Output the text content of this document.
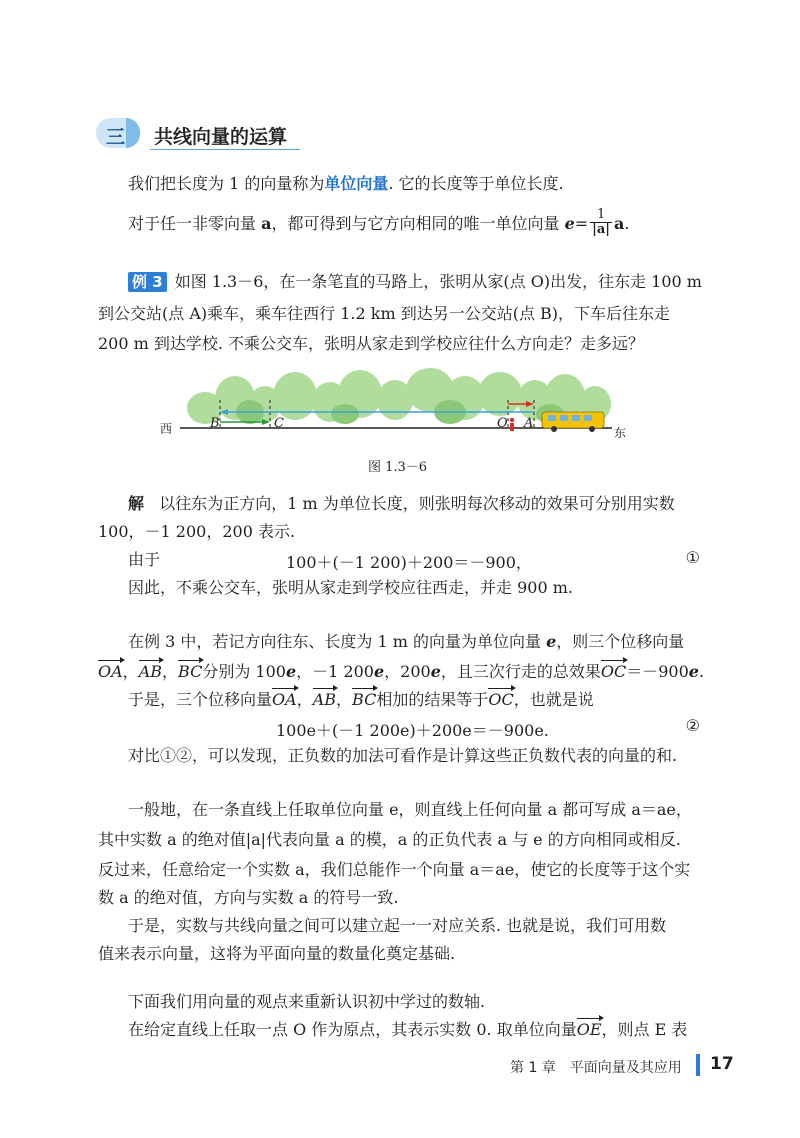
三 共线向量的运算
我们把长度为 1 的向量称为单位向量. 它的长度等于单位长度.
对于任一非零向量 a，都可得到与它方向相同的唯一单位向量 $e= \frac{1}{|a|} a$.
例 3 如图 1.3－6，在一条笔直的马路上，张明从家(点 O)出发，往东走 100 m
到公交站(点 A)乘车，乘车往西行 1.2 km 到达另一公交站(点 B)，下车后往东走
200 m 到达学校. 不乘公交车，张明从家走到学校应往什么方向走？走多远？
西	B	C	O A
东
图 1.3－6
解 以往东为正方向，1 m 为单位长度，则张明每次移动的效果可分别用实数
100，－1 200，200 表示.
由于	100＋(－1 200)＋200＝－900，	①
因此，不乘公交车，张明从家走到学校应往西走，并走 900 m.
在例 3 中，若记方向往东、长度为 1 m 的向量为单位向量 e，则三个位移向量
OA，AB，BC分别为 100e，－1 200e，200e，且三次行走的总效果OC＝－900e.
于是，三个位移向量OA，AB，BC相加的结果等于OC，也就是说
100e＋(－1 200e)＋200e＝－900e.	②
对比①②，可以发现，正负数的加法可看作是计算这些正负数代表的向量的和.
一般地，在一条直线上任取单位向量 e，则直线上任何向量 a 都可写成 a＝ae，
其中实数 a 的绝对值|a|代表向量 a 的模，a 的正负代表 a 与 e 的方向相同或相反.
反过来，任意给定一个实数 a，我们总能作一个向量 a＝ae，使它的长度等于这个实
数 a 的绝对值，方向与实数 a 的符号一致.
于是，实数与共线向量之间可以建立起一一对应关系. 也就是说，我们可用数
值来表示向量，这将为平面向量的数量化奠定基础.
下面我们用向量的观点来重新认识初中学过的数轴.
在给定直线上任取一点 O 作为原点，其表示实数 0. 取单位向量OE，则点 E 表
第 1 章　平面向量及其应用 17
